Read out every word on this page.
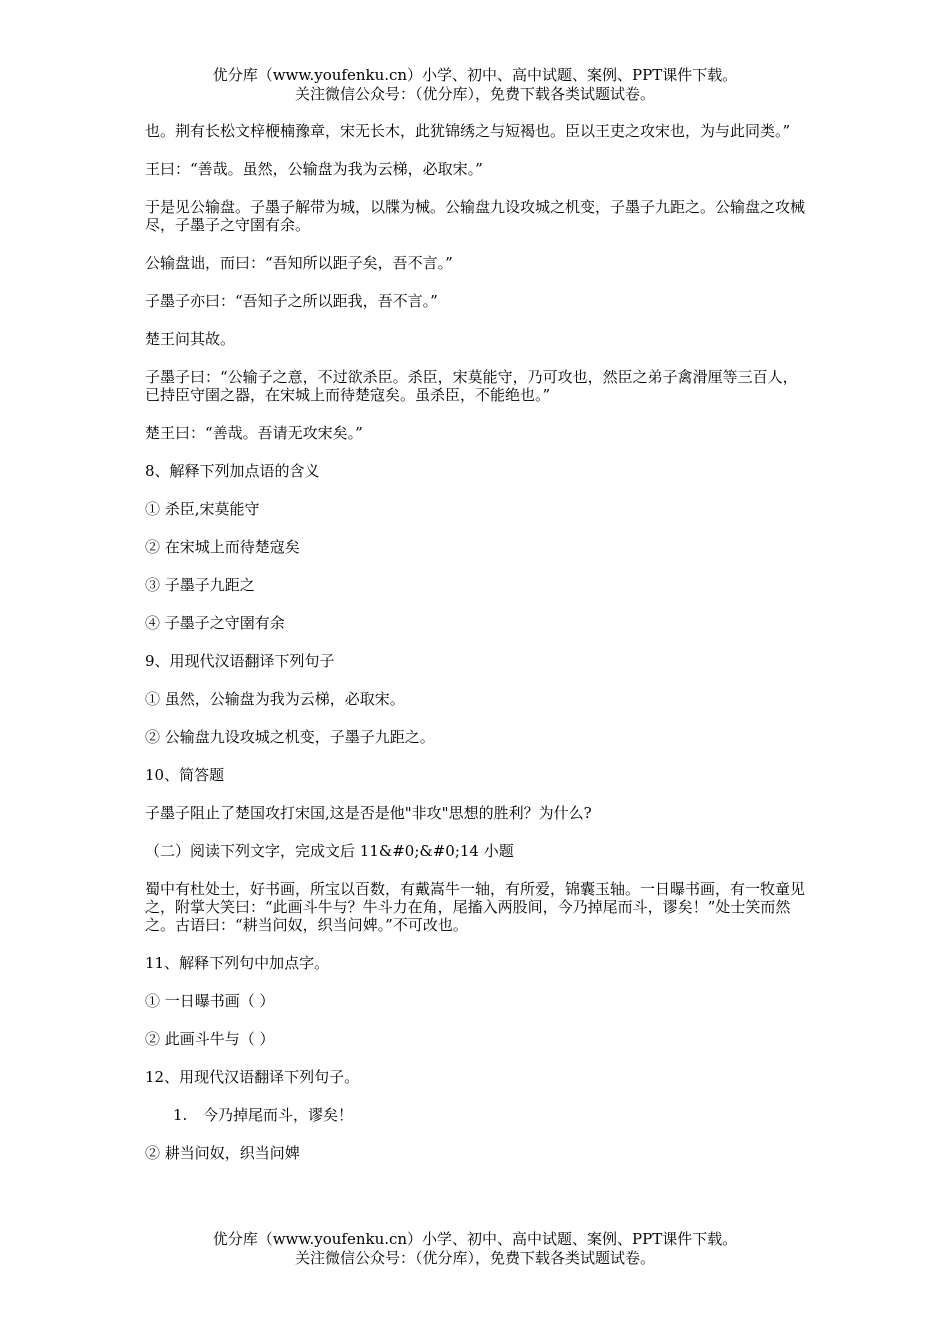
优分库（www.youfenku.cn）小学、初中、高中试题、案例、PPT课件下载。
关注微信公众号：（优分库），免费下载各类试题试卷。

也。荆有长松文梓楩楠豫章，宋无长木，此犹锦绣之与短褐也。臣以王吏之攻宋也，为与此同类。”

王曰：“善哉。虽然，公输盘为我为云梯，必取宋。”

于是见公输盘。子墨子解带为城，以牒为械。公输盘九设攻城之机变，子墨子九距之。公输盘之攻械尽，子墨子之守圉有余。

公输盘诎，而曰：“吾知所以距子矣，吾不言。”

子墨子亦曰：“吾知子之所以距我，吾不言。”

楚王问其故。

子墨子曰：“公输子之意，不过欲杀臣。杀臣，宋莫能守，乃可攻也，然臣之弟子禽滑厘等三百人，已持臣守圉之器，在宋城上而待楚寇矣。虽杀臣，不能绝也。”

楚王曰：“善哉。吾请无攻宋矣。”

8、解释下列加点语的含义

① 杀臣,宋莫能守

② 在宋城上而待楚寇矣

③ 子墨子九距之

④ 子墨子之守圉有余

9、用现代汉语翻译下列句子

① 虽然，公输盘为我为云梯，必取宋。

② 公输盘九设攻城之机变，子墨子九距之。

10、简答题

子墨子阻止了楚国攻打宋国,这是否是他"非攻"思想的胜利？为什么?

（二）阅读下列文字，完成文后 11&#0;&#0;14 小题

蜀中有杜处士，好书画，所宝以百数，有戴嵩牛一轴，有所爱，锦囊玉轴。一日曝书画，有一牧童见之，附掌大笑曰：“此画斗牛与？牛斗力在角，尾搐入两股间，今乃掉尾而斗，谬矣！”处士笑而然之。古语曰：“耕当问奴，织当问婢。”不可改也。

11、解释下列句中加点字。

① 一日曝书画（ ）

② 此画斗牛与（ ）

12、用现代汉语翻译下列句子。

1.	今乃掉尾而斗，谬矣！

② 耕当问奴，织当问婢

优分库（www.youfenku.cn）小学、初中、高中试题、案例、PPT课件下载。
关注微信公众号：（优分库），免费下载各类试题试卷。
